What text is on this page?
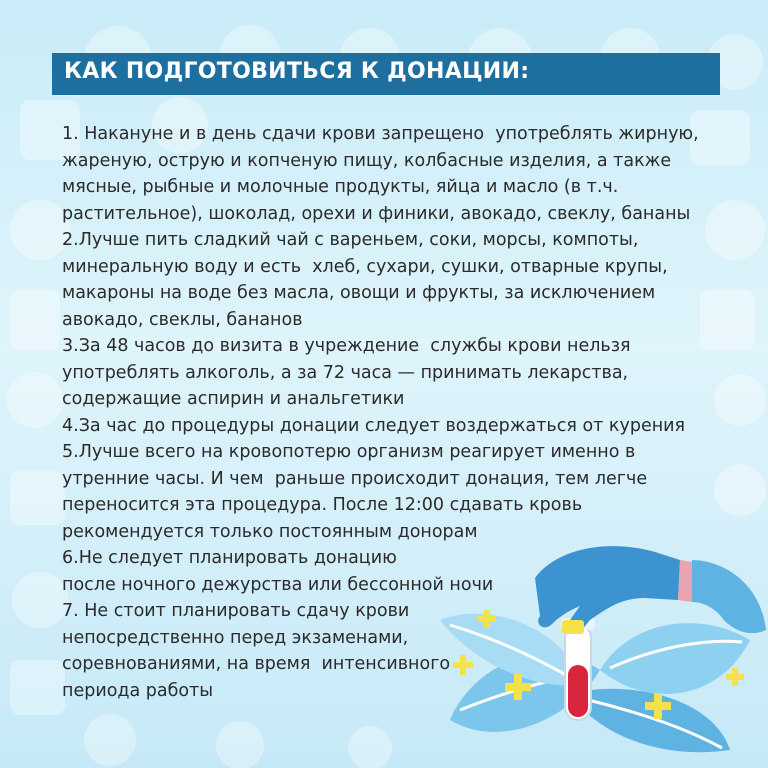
КАК ПОДГОТОВИТЬСЯ К ДОНАЦИИ:
1. Накануне и в день сдачи крови запрещено  употреблять жирную,
жареную, острую и копченую пищу, колбасные изделия, а также
мясные, рыбные и молочные продукты, яйца и масло (в т.ч.
растительное), шоколад, орехи и финики, авокадо, свеклу, бананы
2.Лучше пить сладкий чай с вареньем, соки, морсы, компоты,
минеральную воду и есть  хлеб, сухари, сушки, отварные крупы,
макароны на воде без масла, овощи и фрукты, за исключением
авокадо, свеклы, бананов
3.За 48 часов до визита в учреждение  службы крови нельзя
употреблять алкоголь, а за 72 часа — принимать лекарства,
содержащие аспирин и анальгетики
4.За час до процедуры донации следует воздержаться от курения
5.Лучше всего на кровопотерю организм реагирует именно в
утренние часы. И чем  раньше происходит донация, тем легче
переносится эта процедура. После 12:00 сдавать кровь
рекомендуется только постоянным донорам
6.Не следует планировать донацию
после ночного дежурства или бессонной ночи
7. Не стоит планировать сдачу крови
непосредственно перед экзаменами,
соревнованиями, на время  интенсивного
периода работы
